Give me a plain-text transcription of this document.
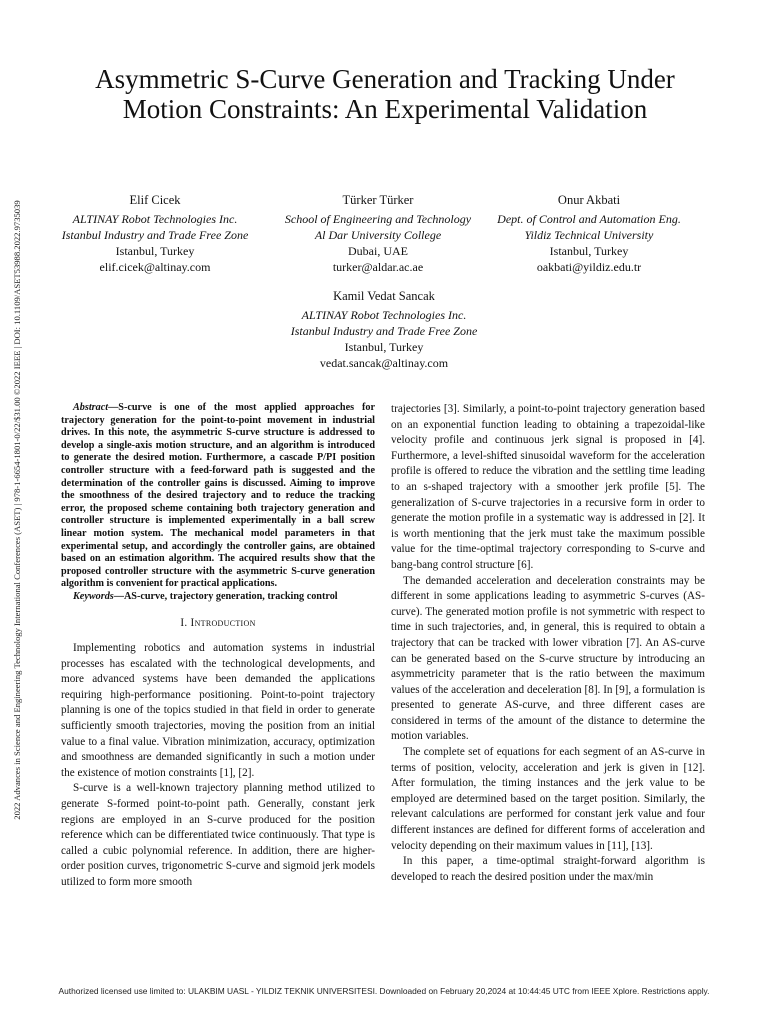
2022 Advances in Science and Engineering Technology International Conferences (ASET) | 978-1-6654-1801-0/22/$31.00 ©2022 IEEE | DOI: 10.1109/ASET53988.2022.9735039
Asymmetric S-Curve Generation and Tracking Under Motion Constraints: An Experimental Validation
Elif Cicek
ALTINAY Robot Technologies Inc.
Istanbul Industry and Trade Free Zone
Istanbul, Turkey
elif.cicek@altinay.com
Türker Türker
School of Engineering and Technology
Al Dar University College
Dubai, UAE
turker@aldar.ac.ae
Onur Akbati
Dept. of Control and Automation Eng.
Yildiz Technical University
Istanbul, Turkey
oakbati@yildiz.edu.tr
Kamil Vedat Sancak
ALTINAY Robot Technologies Inc.
Istanbul Industry and Trade Free Zone
Istanbul, Turkey
vedat.sancak@altinay.com
Abstract—S-curve is one of the most applied approaches for trajectory generation for the point-to-point movement in industrial drives. In this note, the asymmetric S-curve structure is addressed to develop a single-axis motion structure, and an algorithm is introduced to generate the desired motion. Furthermore, a cascade P/PI position controller structure with a feed-forward path is suggested and the determination of the controller gains is discussed. Aiming to improve the smoothness of the desired trajectory and to reduce the tracking error, the proposed scheme containing both trajectory generation and controller structure is implemented experimentally in a ball screw linear motion system. The mechanical model parameters in that experimental setup, and accordingly the controller gains, are obtained based on an estimation algorithm. The acquired results show that the proposed controller structure with the asymmetric S-curve generation algorithm is convenient for practical applications.
Keywords—AS-curve, trajectory generation, tracking control
I. Introduction

Implementing robotics and automation systems in industrial processes has escalated with the technological developments, and more advanced systems have been demanded the applications requiring high-performance positioning. Point-to-point trajectory planning is one of the topics studied in that field in order to generate sufficiently smooth trajectories, moving the position from an initial value to a final value. Vibration minimization, accuracy, optimization and smoothness are demanded significantly in such a motion under the existence of motion constraints [1], [2].

S-curve is a well-known trajectory planning method utilized to generate S-formed point-to-point path. Generally, constant jerk regions are employed in an S-curve produced for the position reference which can be differentiated twice continuously. That type is called a cubic polynomial reference. In addition, there are higher-order position curves, trigonometric S-curve and sigmoid jerk models utilized to form more smooth

trajectories [3]. Similarly, a point-to-point trajectory generation based on an exponential function leading to obtaining a trapezoidal-like velocity profile and continuous jerk signal is proposed in [4]. Furthermore, a level-shifted sinusoidal waveform for the acceleration profile is offered to reduce the vibration and the settling time leading to an s-shaped trajectory with a smoother jerk profile [5]. The generalization of S-curve trajectories in a recursive form in order to generate the motion profile in a systematic way is addressed in [2]. It is worth mentioning that the jerk must take the maximum possible value for the time-optimal trajectory corresponding to S-curve and bang-bang control structure [6].

The demanded acceleration and deceleration constraints may be different in some applications leading to asymmetric S-curves (AS-curve). The generated motion profile is not symmetric with respect to time in such trajectories, and, in general, this is required to obtain a trajectory that can be tracked with lower vibration [7]. An AS-curve can be generated based on the S-curve structure by introducing an asymmetricity parameter that is the ratio between the maximum values of the acceleration and deceleration [8]. In [9], a formulation is presented to generate AS-curve, and three different cases are considered in terms of the amount of the distance to determine the motion variables.

The complete set of equations for each segment of an AS-curve in terms of position, velocity, acceleration and jerk is given in [12]. After formulation, the timing instances and the jerk value to be employed are determined based on the target position. Similarly, the relevant calculations are performed for constant jerk value and four different instances are defined for different forms of acceleration and velocity depending on their maximum values in [11], [13].

In this paper, a time-optimal straight-forward algorithm is developed to reach the desired position under the max/min

Authorized licensed use limited to: ULAKBIM UASL - YILDIZ TEKNIK UNIVERSITESI. Downloaded on February 20,2024 at 10:44:45 UTC from IEEE Xplore. Restrictions apply.
